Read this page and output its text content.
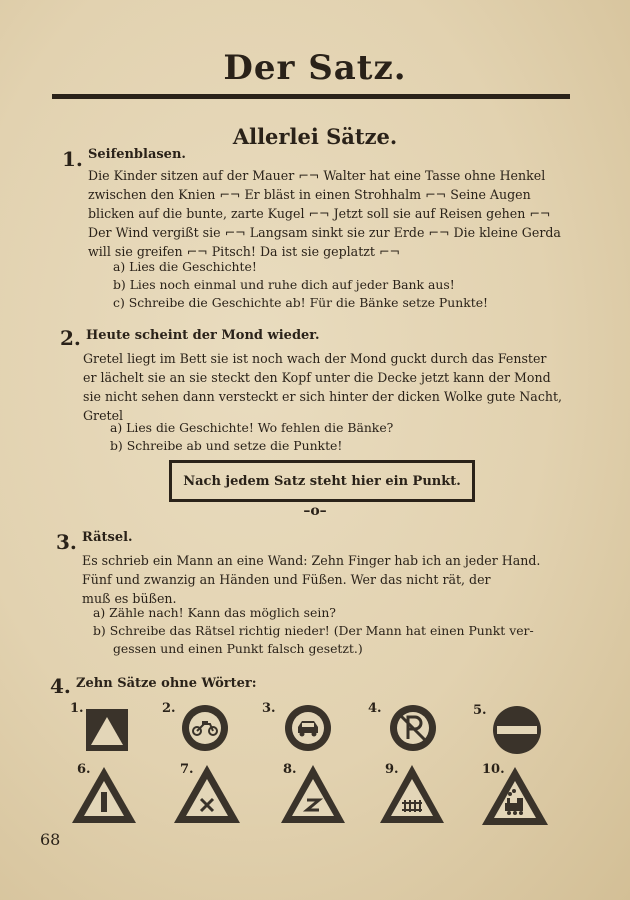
Der Satz.
Allerlei Sätze.
1. Seifenblasen.
Die Kinder sitzen auf der Mauer ⌐¬ Walter hat eine Tasse ohne Henkel
zwischen den Knien ⌐¬ Er bläst in einen Strohhalm ⌐¬ Seine Augen
blicken auf die bunte, zarte Kugel ⌐¬ Jetzt soll sie auf Reisen gehen ⌐¬
Der Wind vergißt sie ⌐¬ Langsam sinkt sie zur Erde ⌐¬ Die kleine Gerda
will sie greifen ⌐¬ Pitsch! Da ist sie geplatzt ⌐¬
a) Lies die Geschichte!
b) Lies noch einmal und ruhe dich auf jeder Bank aus!
c) Schreibe die Geschichte ab! Für die Bänke setze Punkte!
2. Heute scheint der Mond wieder.
Gretel liegt im Bett sie ist noch wach der Mond guckt durch das Fenster
er lächelt sie an sie steckt den Kopf unter die Decke jetzt kann der Mond
sie nicht sehen dann versteckt er sich hinter der dicken Wolke gute Nacht,
Gretel
a) Lies die Geschichte! Wo fehlen die Bänke?
b) Schreibe ab und setze die Punkte!
Nach jedem Satz steht hier ein Punkt.
–o–
3. Rätsel.
Es schrieb ein Mann an eine Wand: Zehn Finger hab ich an jeder Hand.
Fünf und zwanzig an Händen und Füßen. Wer das nicht rät, der
muß es büßen.
a) Zähle nach! Kann das möglich sein?
b) Schreibe das Rätsel richtig nieder! (Der Mann hat einen Punkt ver-
gessen und einen Punkt falsch gesetzt.)
4. Zehn Sätze ohne Wörter:
1.	2.	3.	4.	5.
6.	7.	8.	9.	10.
68
